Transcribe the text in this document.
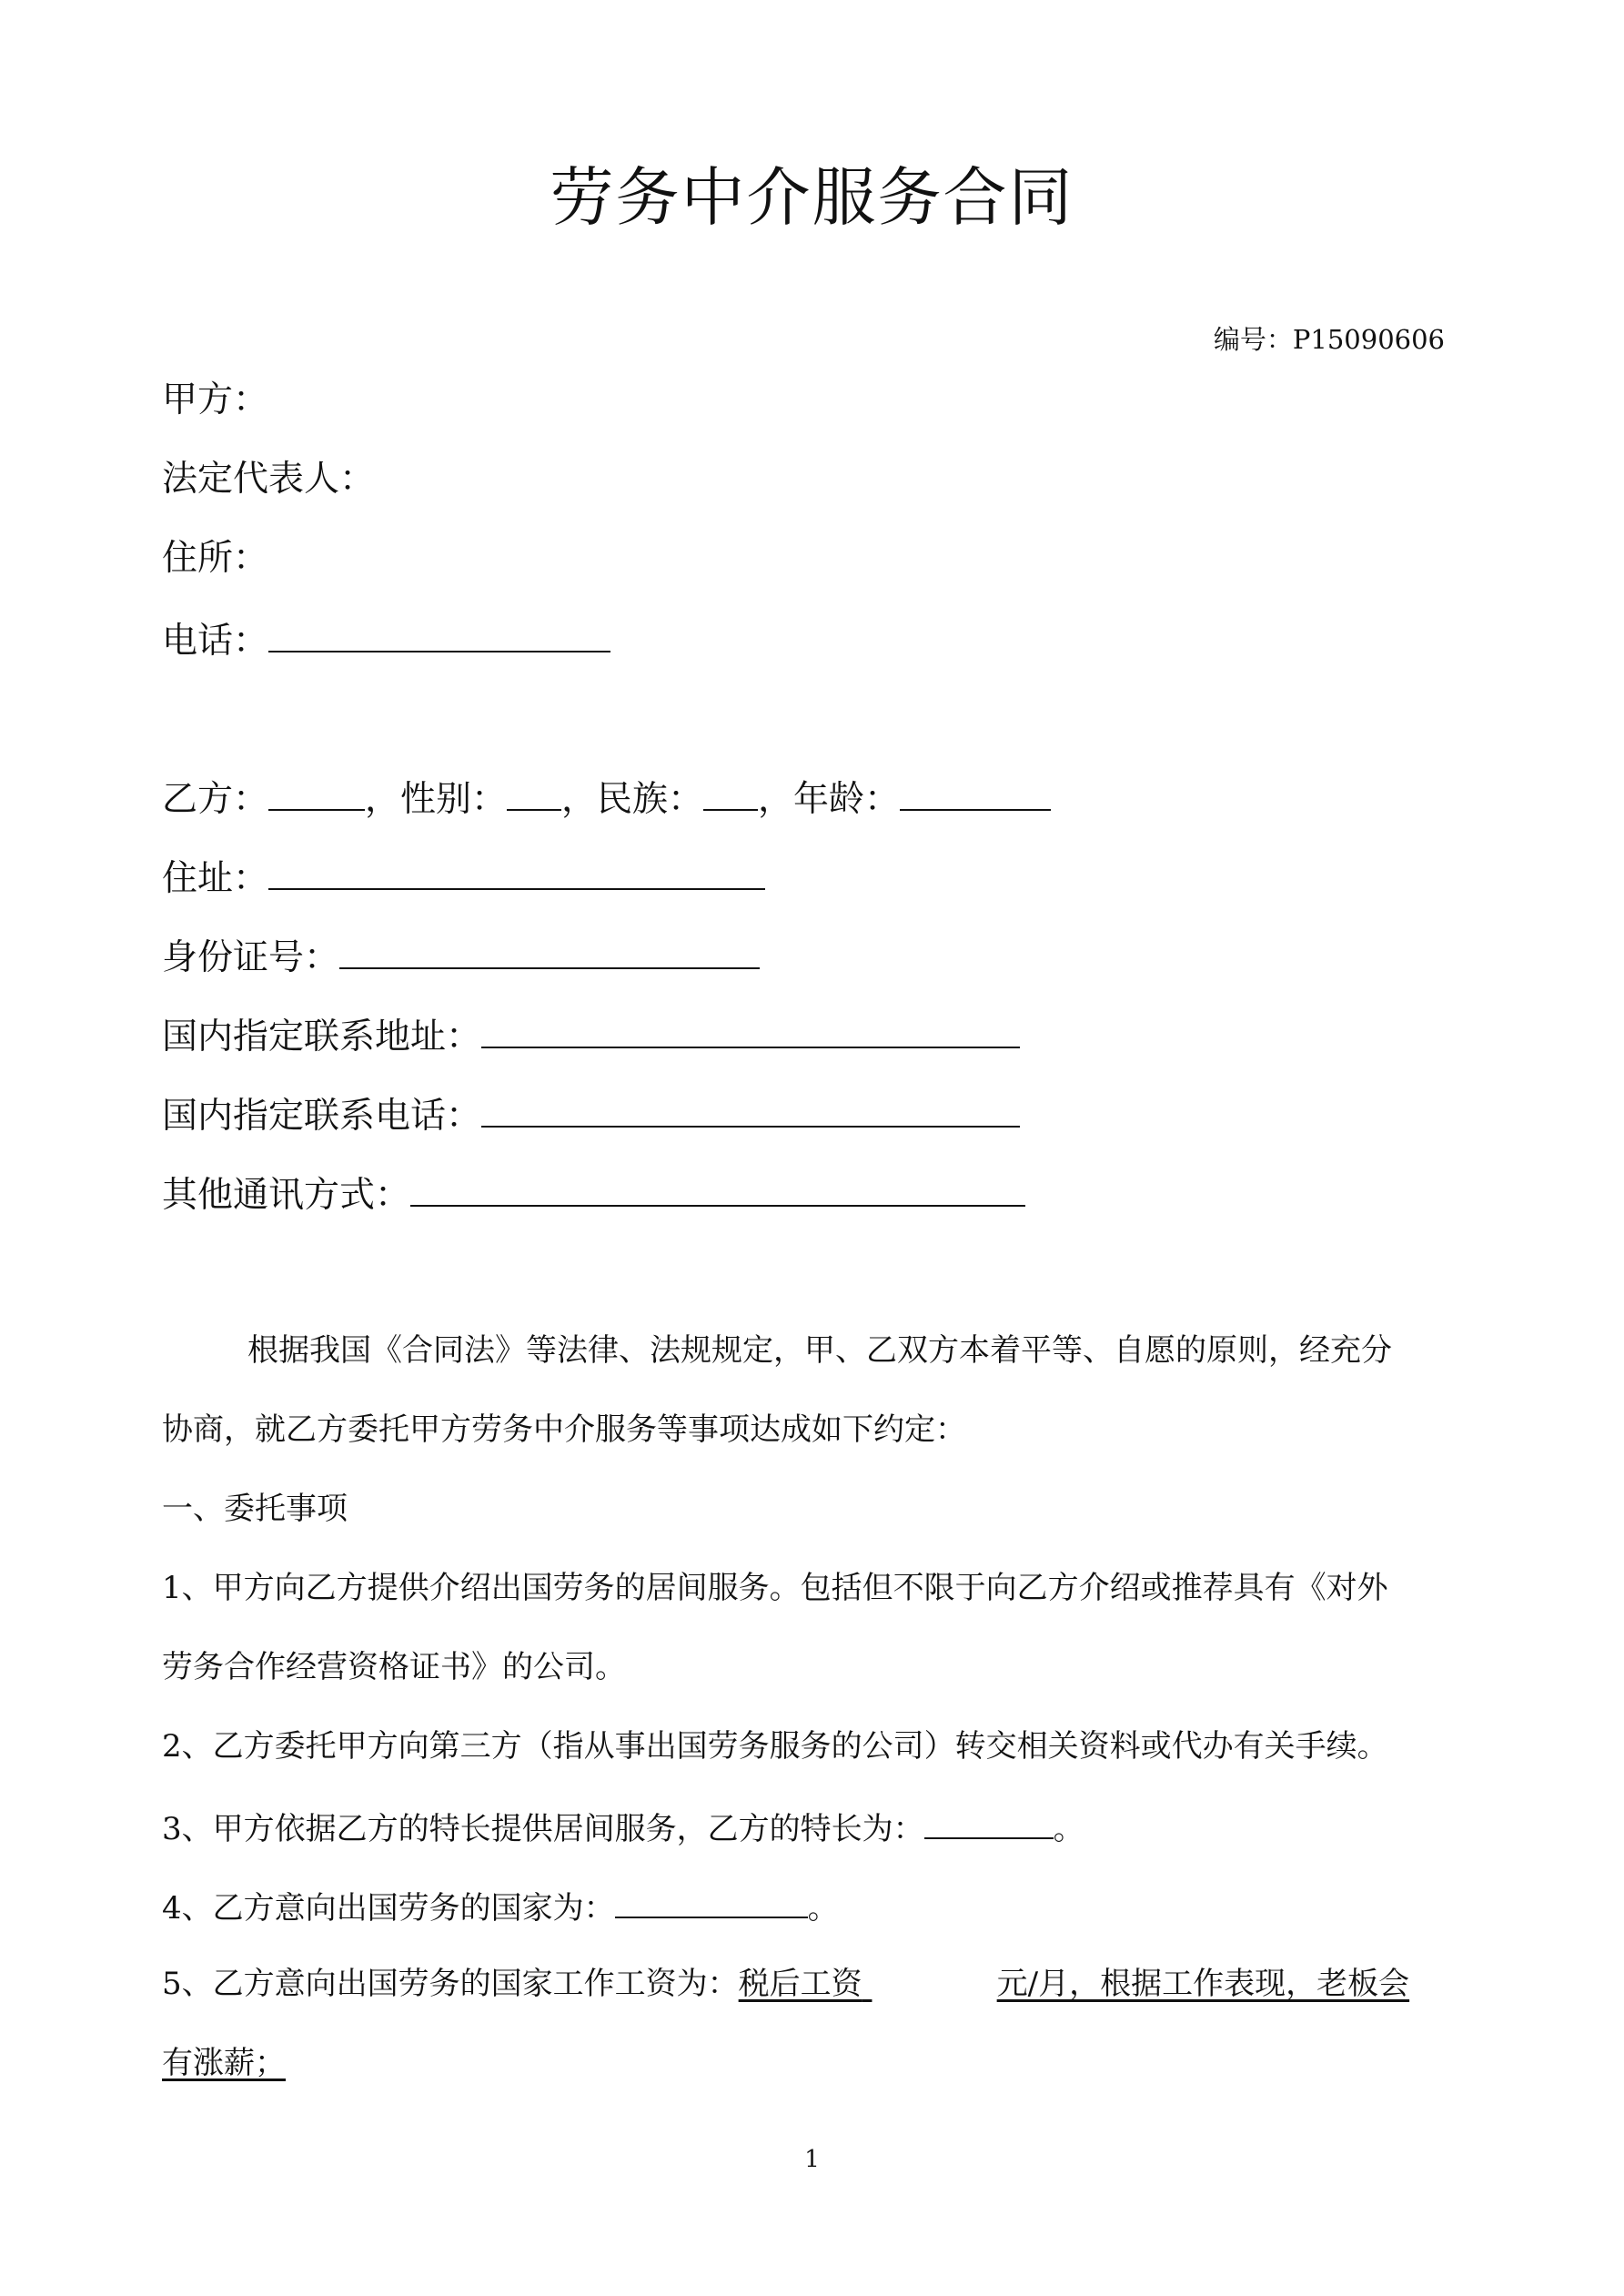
劳务中介服务合同
编号：P15090606
甲方：
法定代表人：
住所：
电话：
乙方：	，性别： ，民族： ，年龄：
住址：
身份证号：
国内指定联系地址：
国内指定联系电话：
其他通讯方式：
根据我国《合同法》等法律、法规规定，甲、乙双方本着平等、自愿的原则，经充分
协商，就乙方委托甲方劳务中介服务等事项达成如下约定：
一、委托事项
1、甲方向乙方提供介绍出国劳务的居间服务。包括但不限于向乙方介绍或推荐具有《对外
劳务合作经营资格证书》的公司。
2、乙方委托甲方向第三方（指从事出国劳务服务的公司）转交相关资料或代办有关手续。
3、甲方依据乙方的特长提供居间服务，乙方的特长为：	。
4、乙方意向出国劳务的国家为：	。
5、乙方意向出国劳务的国家工作工资为：税后工资	元/月，根据工作表现，老板会
有涨薪；
1
